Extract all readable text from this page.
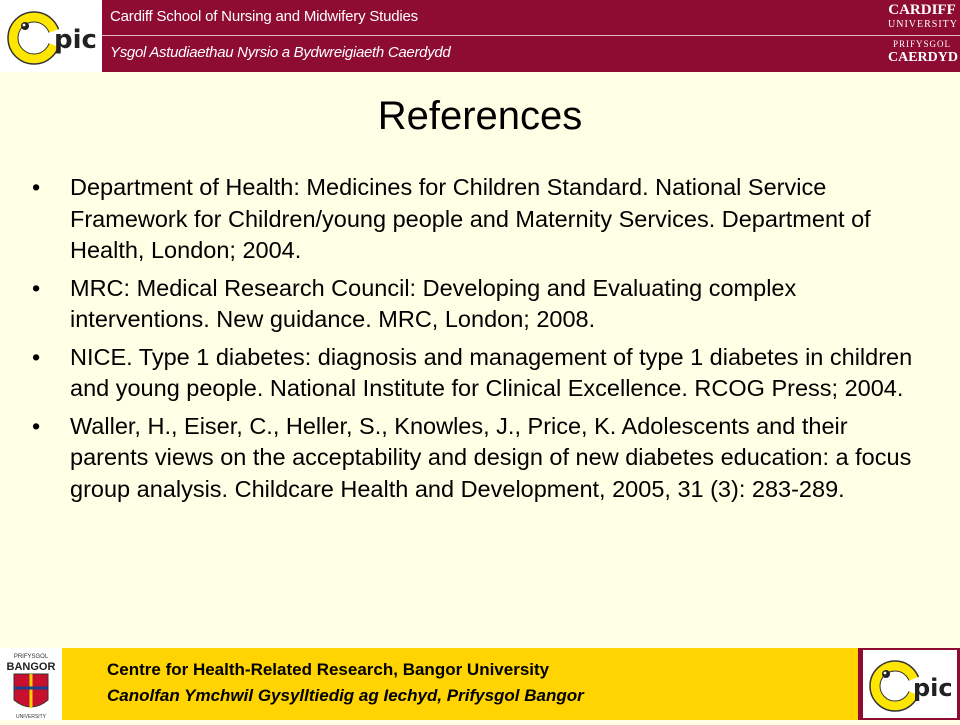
pic
Cardiff School of Nursing and Midwifery Studies
Ysgol Astudiaethau Nyrsio a Bydwreigiaeth Caerdydd
CARDIFF
UNIVERSITY
PRIFYSGOL
CAERDYD
References
• Department of Health: Medicines for Children Standard. National Service Framework for Children/young people and Maternity Services. Department of Health, London; 2004.
• MRC: Medical Research Council: Developing and Evaluating complex interventions. New guidance. MRC, London; 2008.
• NICE. Type 1 diabetes: diagnosis and management of type 1 diabetes in children and young people. National Institute for Clinical Excellence. RCOG Press; 2004.
• Waller, H., Eiser, C., Heller, S., Knowles, J., Price, K. Adolescents and their parents views on the acceptability and design of new diabetes education: a focus group analysis. Childcare Health and Development, 2005, 31 (3): 283-289.
PRIFYSGOL
BANGOR
UNIVERSITY
Centre for Health-Related Research, Bangor University
Canolfan Ymchwil Gysylltiedig ag Iechyd, Prifysgol Bangor	pic
